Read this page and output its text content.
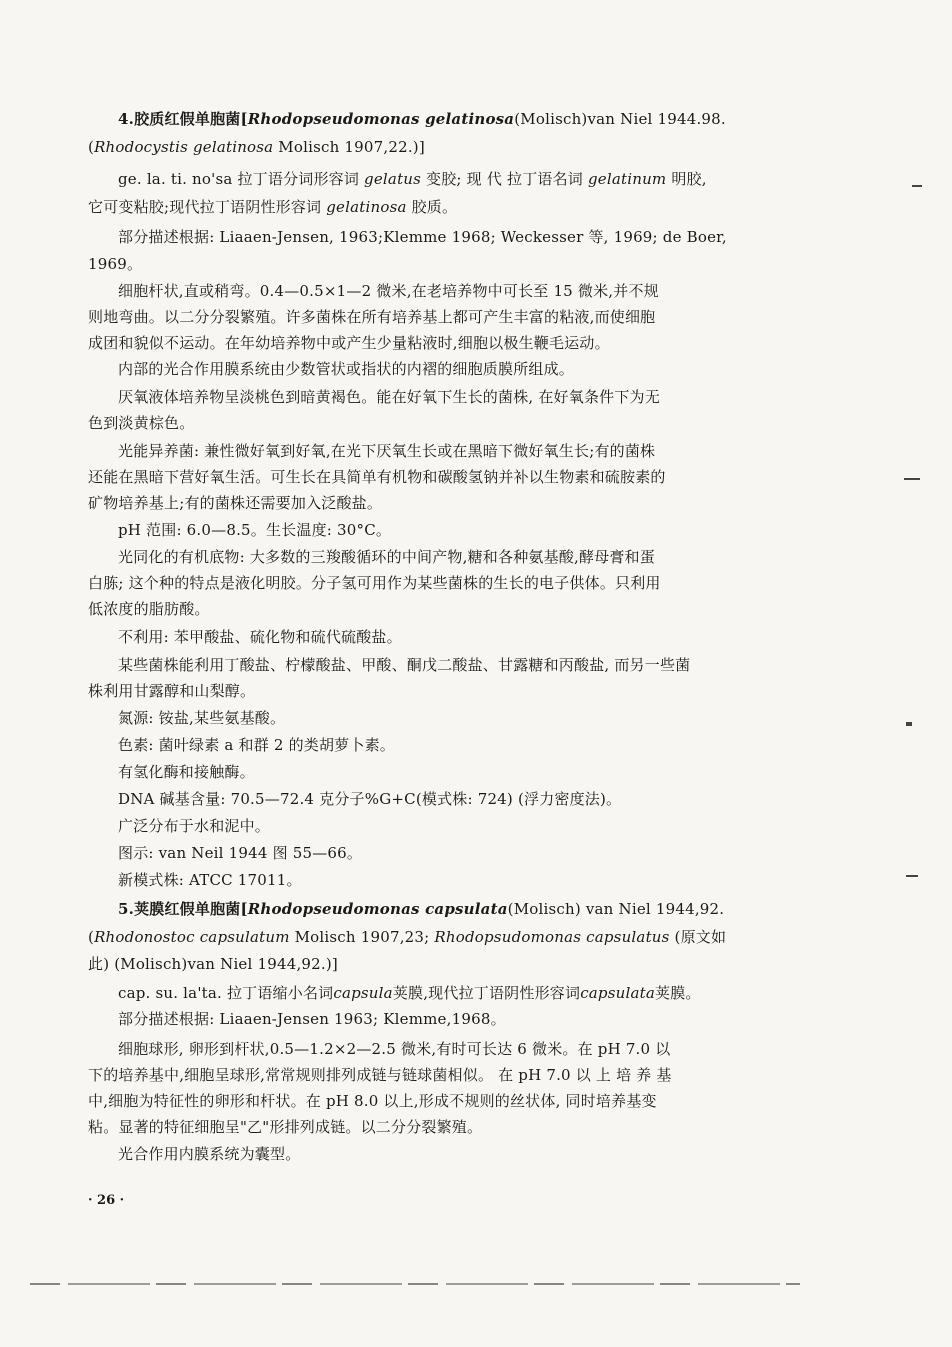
4.胶质红假单胞菌[Rhodopseudomonas gelatinosa(Molisch)van Niel 1944.98.
(Rhodocystis gelatinosa Molisch 1907,22.)]
ge. la. ti. no'sa 拉丁语分词形容词 gelatus 变胶; 现 代 拉丁语名词 gelatinum 明胶,
它可变粘胶;现代拉丁语阴性形容词 gelatinosa 胶质。
部分描述根据: Liaaen-Jensen, 1963;Klemme 1968; Weckesser 等, 1969; de Boer,
1969。
细胞杆状,直或稍弯。0.4—0.5×1—2 微米,在老培养物中可长至 15 微米,并不规
则地弯曲。以二分分裂繁殖。许多菌株在所有培养基上都可产生丰富的粘液,而使细胞
成团和貌似不运动。在年幼培养物中或产生少量粘液时,细胞以极生鞭毛运动。
内部的光合作用膜系统由少数管状或指状的内褶的细胞质膜所组成。
厌氧液体培养物呈淡桃色到暗黄褐色。能在好氧下生长的菌株, 在好氧条件下为无
色到淡黄棕色。
光能异养菌: 兼性微好氧到好氧,在光下厌氧生长或在黑暗下微好氧生长;有的菌株
还能在黑暗下营好氧生活。可生长在具简单有机物和碳酸氢钠并补以生物素和硫胺素的
矿物培养基上;有的菌株还需要加入泛酸盐。
pH 范围: 6.0—8.5。生长温度: 30°C。
光同化的有机底物: 大多数的三羧酸循环的中间产物,糖和各种氨基酸,酵母膏和蛋
白胨; 这个种的特点是液化明胶。分子氢可用作为某些菌株的生长的电子供体。只利用
低浓度的脂肪酸。
不利用: 苯甲酸盐、硫化物和硫代硫酸盐。
某些菌株能利用丁酸盐、柠檬酸盐、甲酸、酮戊二酸盐、甘露糖和丙酸盐, 而另一些菌
株利用甘露醇和山梨醇。
氮源: 铵盐,某些氨基酸。
色素: 菌叶绿素 a 和群 2 的类胡萝卜素。
有氢化酶和接触酶。
DNA 碱基含量: 70.5—72.4 克分子%G+C(模式株: 724) (浮力密度法)。
广泛分布于水和泥中。
图示: van Neil 1944 图 55—66。
新模式株: ATCC 17011。
5.荚膜红假单胞菌[Rhodopseudomonas capsulata(Molisch) van Niel 1944,92.
(Rhodonostoc capsulatum Molisch 1907,23; Rhodopsudomonas capsulatus (原文如
此) (Molisch)van Niel 1944,92.)]
cap. su. la'ta. 拉丁语缩小名词capsula荚膜,现代拉丁语阴性形容词capsulata荚膜。
部分描述根据: Liaaen-Jensen 1963; Klemme,1968。
细胞球形, 卵形到杆状,0.5—1.2×2—2.5 微米,有时可长达 6 微米。在 pH 7.0 以
下的培养基中,细胞呈球形,常常规则排列成链与链球菌相似。 在 pH 7.0 以 上 培 养 基
中,细胞为特征性的卵形和杆状。在 pH 8.0 以上,形成不规则的丝状体, 同时培养基变
粘。显著的特征细胞呈"乙"形排列成链。以二分分裂繁殖。
光合作用内膜系统为囊型。
· 26 ·
